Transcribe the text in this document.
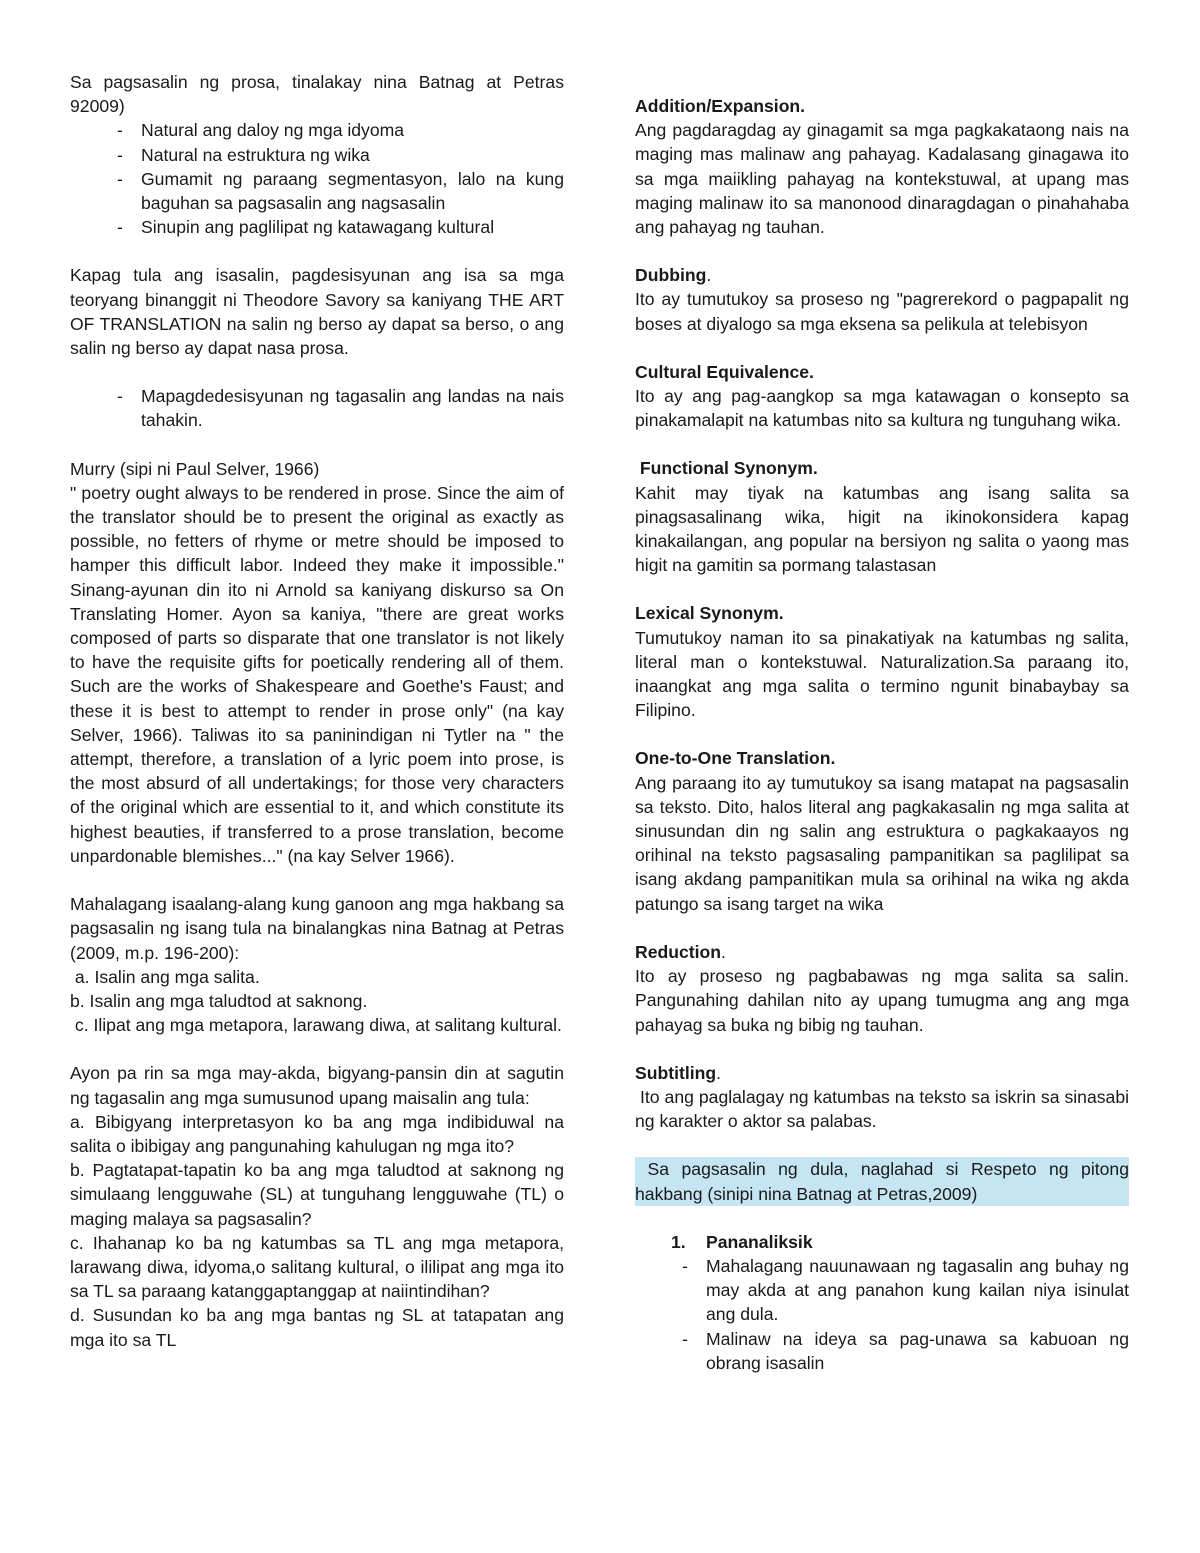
Sa pagsasalin ng prosa, tinalakay nina Batnag at Petras 92009)

- Natural ang daloy ng mga idyoma
- Natural na estruktura ng wika
- Gumamit ng paraang segmentasyon, lalo na kung baguhan sa pagsasalin ang nagsasalin
- Sinupin ang paglilipat ng katawagang kultural

Kapag tula ang isasalin, pagdesisyunan ang isa sa mga teoryang binanggit ni Theodore Savory sa kaniyang THE ART OF TRANSLATION na salin ng berso ay dapat sa berso, o ang salin ng berso ay dapat nasa prosa.

- Mapagdedesisyunan ng tagasalin ang landas na nais tahakin.

Murry (sipi ni Paul Selver, 1966)

" poetry ought always to be rendered in prose. Since the aim of the translator should be to present the original as exactly as possible, no fetters of rhyme or metre should be imposed to hamper this difficult labor. Indeed they make it impossible." Sinang-ayunan din ito ni Arnold sa kaniyang diskurso sa On Translating Homer. Ayon sa kaniya, "there are great works composed of parts so disparate that one translator is not likely to have the requisite gifts for poetically rendering all of them. Such are the works of Shakespeare and Goethe's Faust; and these it is best to attempt to render in prose only" (na kay Selver, 1966). Taliwas ito sa paninindigan ni Tytler na " the attempt, therefore, a translation of a lyric poem into prose, is the most absurd of all undertakings; for those very characters of the original which are essential to it, and which constitute its highest beauties, if transferred to a prose translation, become unpardonable blemishes..." (na kay Selver 1966).

Mahalagang isaalang-alang kung ganoon ang mga hakbang sa pagsasalin ng isang tula na binalangkas nina Batnag at Petras (2009, m.p. 196-200):

a. Isalin ang mga salita.

b. Isalin ang mga taludtod at saknong.

c. Ilipat ang mga metapora, larawang diwa, at salitang kultural.

Ayon pa rin sa mga may-akda, bigyang-pansin din at sagutin ng tagasalin ang mga sumusunod upang maisalin ang tula:

a. Bibigyang interpretasyon ko ba ang mga indibiduwal na salita o ibibigay ang pangunahing kahulugan ng mga ito?

b. Pagtatapat-tapatin ko ba ang mga taludtod at saknong ng simulaang lengguwahe (SL) at tunguhang lengguwahe (TL) o maging malaya sa pagsasalin?

c. Ihahanap ko ba ng katumbas sa TL ang mga metapora, larawang diwa, idyoma,o salitang kultural, o ililipat ang mga ito sa TL sa paraang katanggaptanggap at naiintindihan?

d. Susundan ko ba ang mga bantas ng SL at tatapatan ang mga ito sa TL

Addition/Expansion.

Ang pagdaragdag ay ginagamit sa mga pagkakataong nais na maging mas malinaw ang pahayag. Kadalasang ginagawa ito sa mga maiikling pahayag na kontekstuwal, at upang mas maging malinaw ito sa manonood dinaragdagan o pinahahaba ang pahayag ng tauhan.

Dubbing.

Ito ay tumutukoy sa proseso ng "pagrerekord o pagpapalit ng boses at diyalogo sa mga eksena sa pelikula at telebisyon

Cultural Equivalence.

Ito ay ang pag-aangkop sa mga katawagan o konsepto sa pinakamalapit na katumbas nito sa kultura ng tunguhang wika.

Functional Synonym.

Kahit may tiyak na katumbas ang isang salita sa pinagsasalinang wika, higit na ikinokonsidera kapag kinakailangan, ang popular na bersiyon ng salita o yaong mas higit na gamitin sa pormang talastasan

Lexical Synonym.

Tumutukoy naman ito sa pinakatiyak na katumbas ng salita, literal man o kontekstuwal. Naturalization.Sa paraang ito, inaangkat ang mga salita o termino ngunit binabaybay sa Filipino.

One-to-One Translation.

Ang paraang ito ay tumutukoy sa isang matapat na pagsasalin sa teksto. Dito, halos literal ang pagkakasalin ng mga salita at sinusundan din ng salin ang estruktura o pagkakaayos ng orihinal na teksto pagsasaling pampanitikan sa paglilipat sa isang akdang pampanitikan mula sa orihinal na wika ng akda patungo sa isang target na wika

Reduction.

Ito ay proseso ng pagbabawas ng mga salita sa salin. Pangunahing dahilan nito ay upang tumugma ang ang mga pahayag sa buka ng bibig ng tauhan.

Subtitling.

Ito ang paglalagay ng katumbas na teksto sa iskrin sa sinasabi ng karakter o aktor sa palabas.

Sa pagsasalin ng dula, naglahad si Respeto ng pitong hakbang (sinipi nina Batnag at Petras,2009)

1. Pananaliksik
- Mahalagang nauunawaan ng tagasalin ang buhay ng may akda at ang panahon kung kailan niya isinulat ang dula.
- Malinaw na ideya sa pag-unawa sa kabuoan ng obrang isasalin
